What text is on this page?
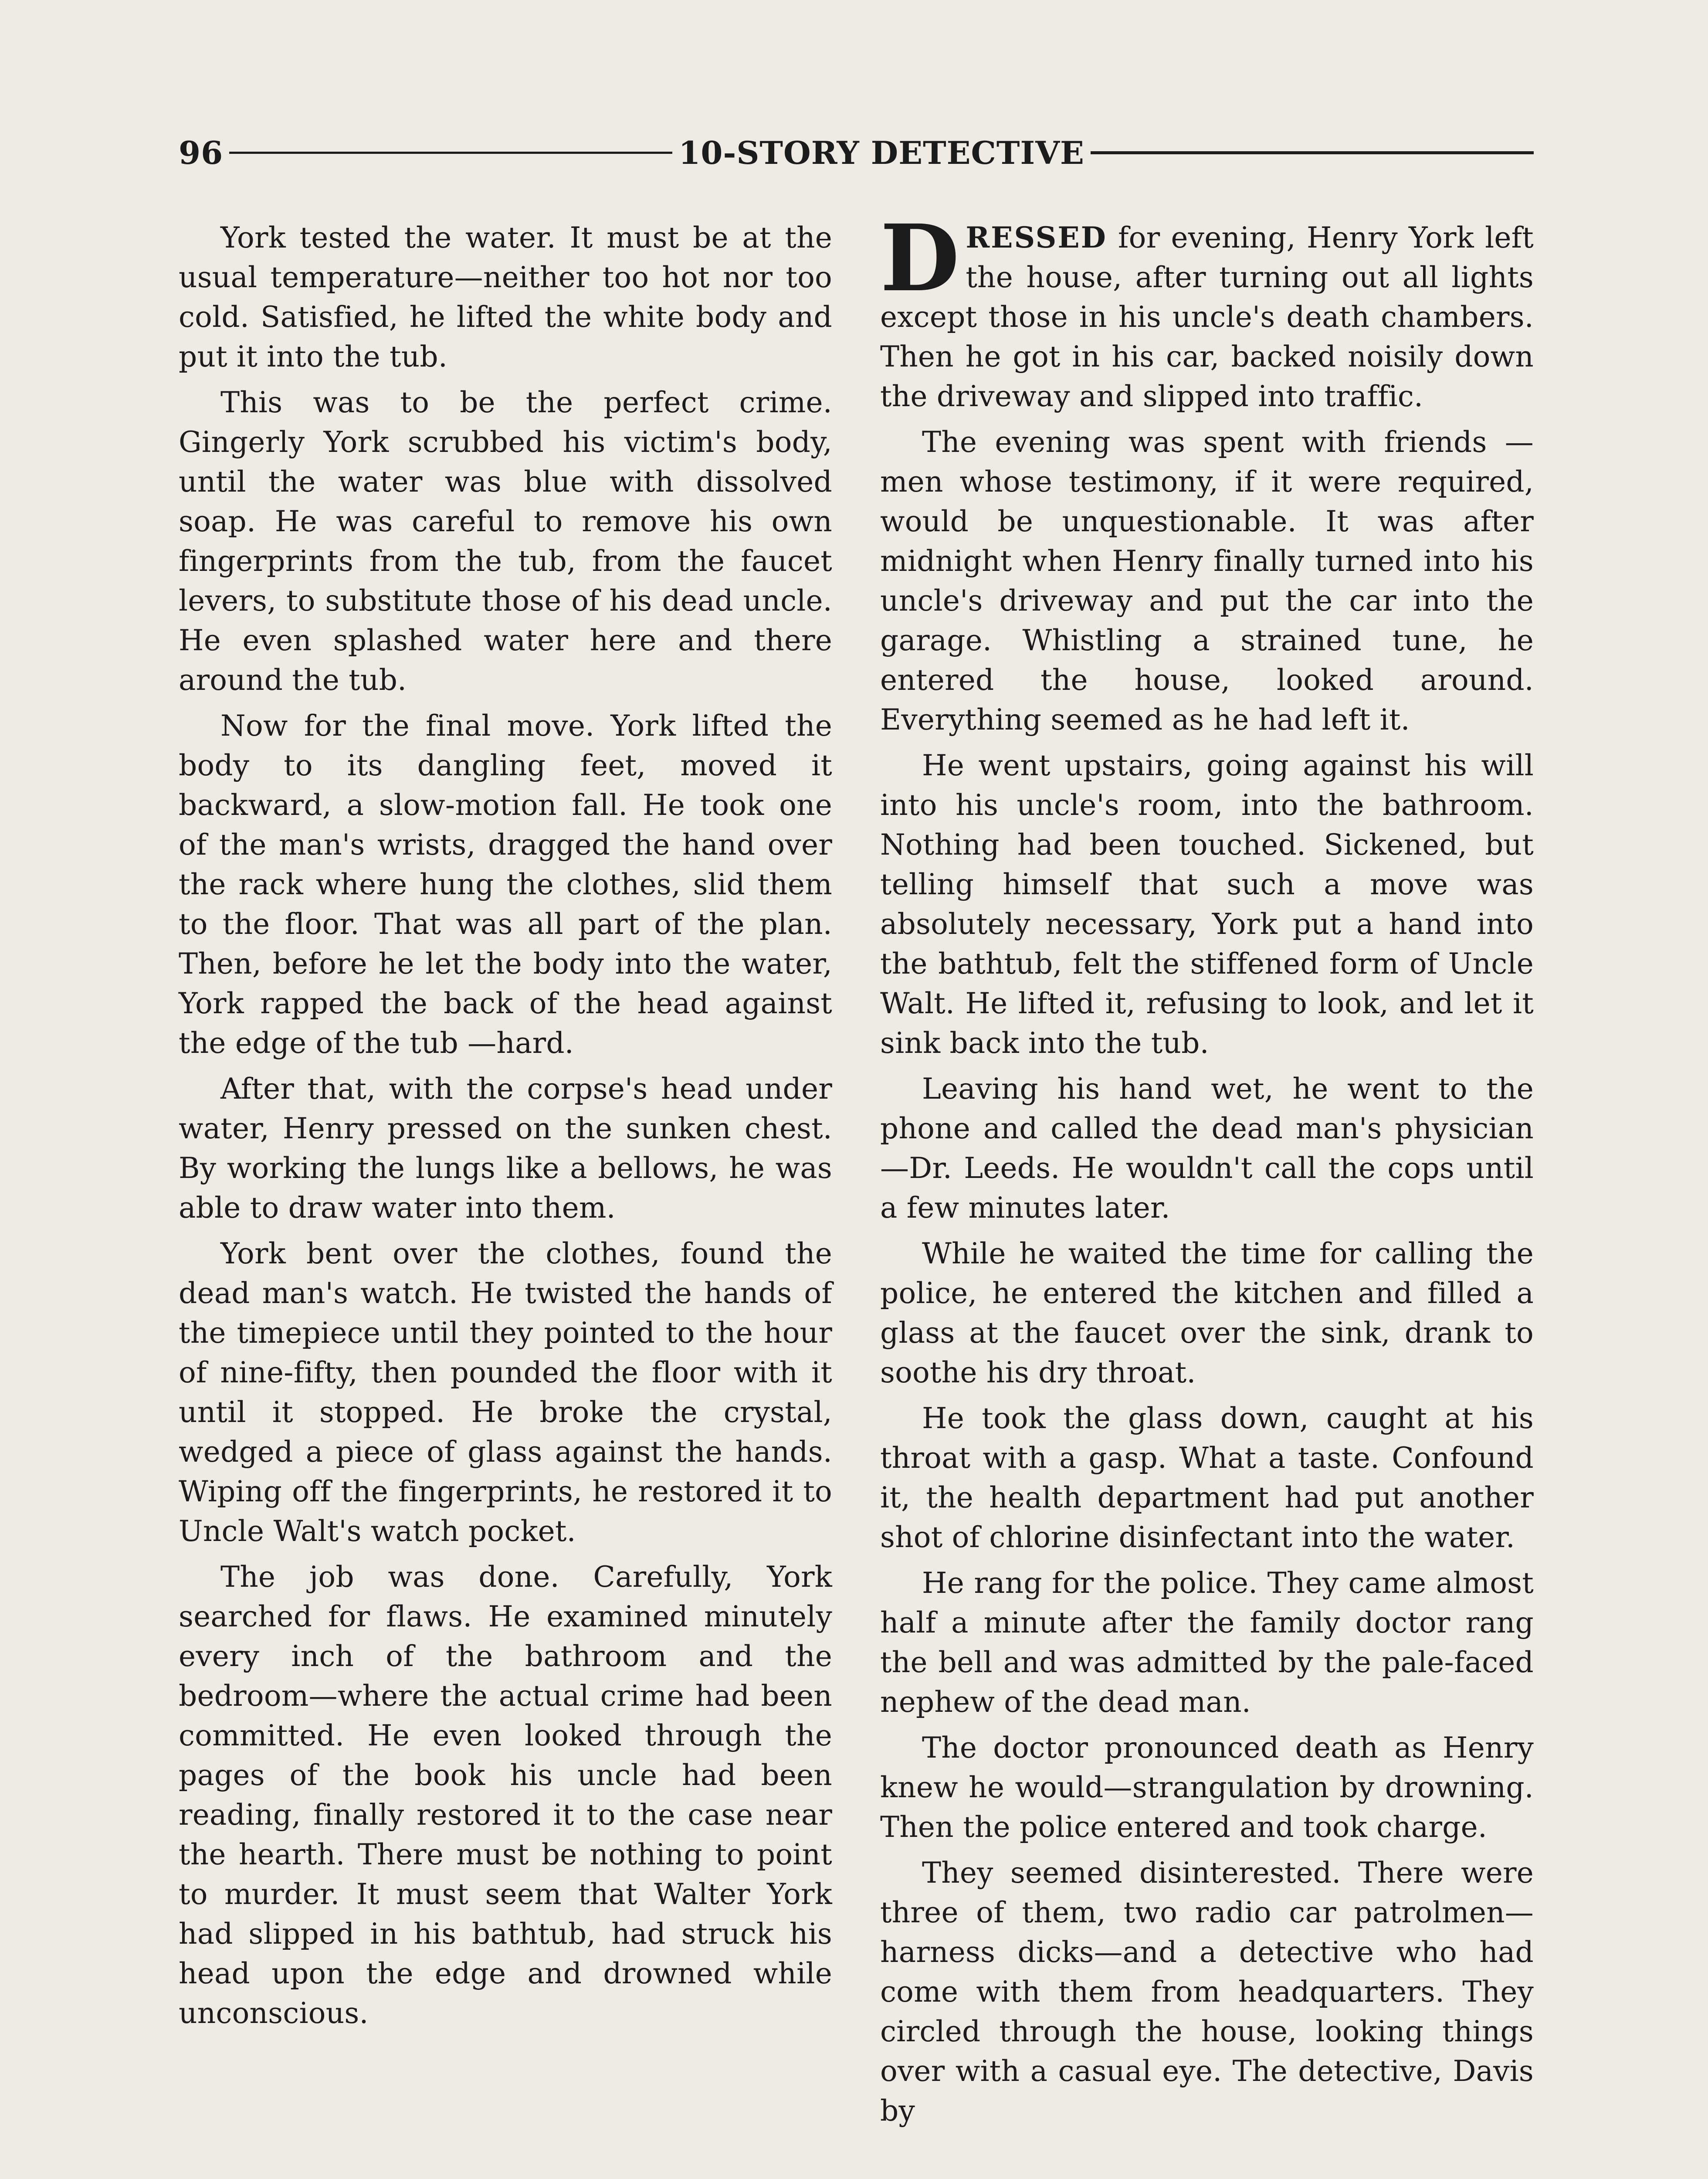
96	10-STORY DETECTIVE

York tested the water. It must be at the usual temperature—neither too hot nor too cold. Satisfied, he lifted the white body and put it into the tub.

This was to be the perfect crime. Gingerly York scrubbed his victim's body, until the water was blue with dissolved soap. He was careful to remove his own fingerprints from the tub, from the faucet levers, to substitute those of his dead uncle. He even splashed water here and there around the tub.

Now for the final move. York lifted the body to its dangling feet, moved it backward, a slow-motion fall. He took one of the man's wrists, dragged the hand over the rack where hung the clothes, slid them to the floor. That was all part of the plan. Then, before he let the body into the water, York rapped the back of the head against the edge of the tub —hard.

After that, with the corpse's head under water, Henry pressed on the sunken chest. By working the lungs like a bellows, he was able to draw water into them.

York bent over the clothes, found the dead man's watch. He twisted the hands of the timepiece until they pointed to the hour of nine-fifty, then pounded the floor with it until it stopped. He broke the crystal, wedged a piece of glass against the hands. Wiping off the fingerprints, he restored it to Uncle Walt's watch pocket.

The job was done. Carefully, York searched for flaws. He examined minutely every inch of the bathroom and the bedroom—where the actual crime had been committed. He even looked through the pages of the book his uncle had been reading, finally restored it to the case near the hearth. There must be nothing to point to murder. It must seem that Walter York had slipped in his bathtub, had struck his head upon the edge and drowned while unconscious.

DRESSED for evening, Henry York left the house, after turning out all lights except those in his uncle's death chambers. Then he got in his car, backed noisily down the driveway and slipped into traffic.

The evening was spent with friends —men whose testimony, if it were required, would be unquestionable. It was after midnight when Henry finally turned into his uncle's driveway and put the car into the garage. Whistling a strained tune, he entered the house, looked around. Everything seemed as he had left it.

He went upstairs, going against his will into his uncle's room, into the bathroom. Nothing had been touched. Sickened, but telling himself that such a move was absolutely necessary, York put a hand into the bathtub, felt the stiffened form of Uncle Walt. He lifted it, refusing to look, and let it sink back into the tub.

Leaving his hand wet, he went to the phone and called the dead man's physician—Dr. Leeds. He wouldn't call the cops until a few minutes later.

While he waited the time for calling the police, he entered the kitchen and filled a glass at the faucet over the sink, drank to soothe his dry throat.

He took the glass down, caught at his throat with a gasp. What a taste. Confound it, the health department had put another shot of chlorine disinfectant into the water.

He rang for the police. They came almost half a minute after the family doctor rang the bell and was admitted by the pale-faced nephew of the dead man.

The doctor pronounced death as Henry knew he would—strangulation by drowning. Then the police entered and took charge.

They seemed disinterested. There were three of them, two radio car patrolmen—harness dicks—and a detective who had come with them from headquarters. They circled through the house, looking things over with a casual eye. The detective, Davis by
